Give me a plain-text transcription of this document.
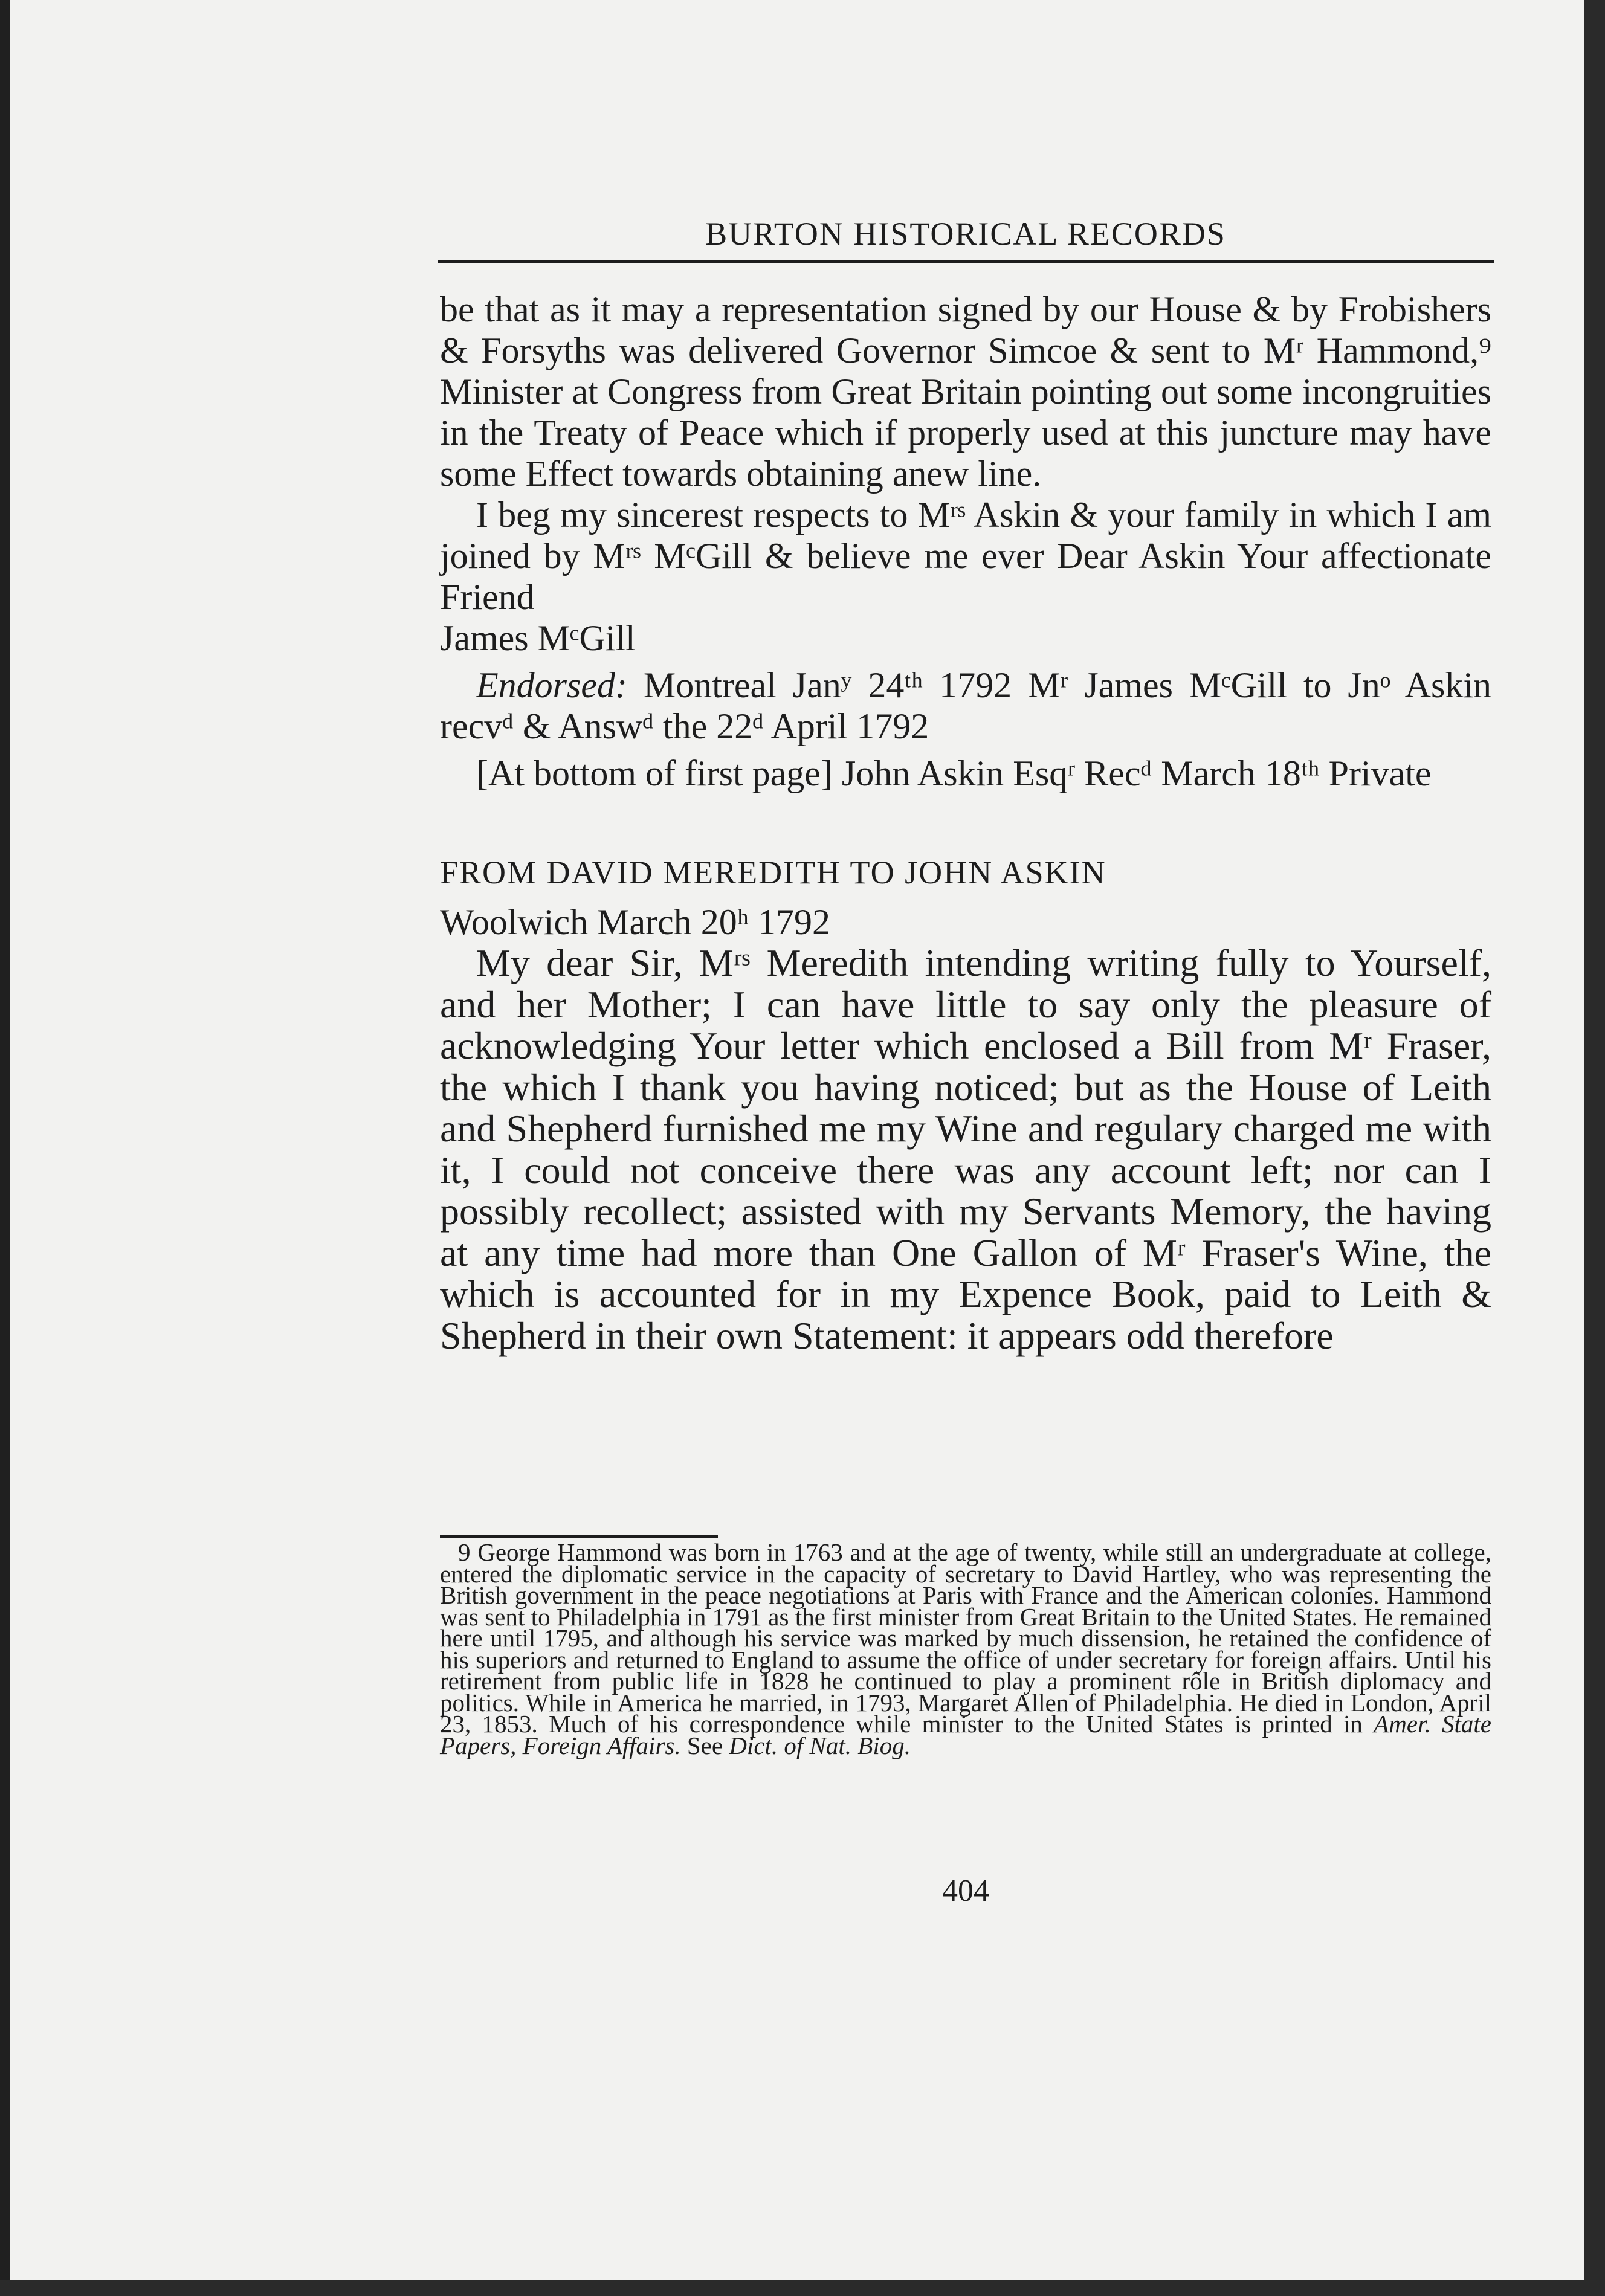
BURTON HISTORICAL RECORDS

be that as it may a representation signed by our House & by Frobishers & Forsyths was delivered Governor Simcoe & sent to Mʳ Hammond,⁹ Minister at Congress from Great Britain pointing out some incongruities in the Treaty of Peace which if properly used at this juncture may have some Effect towards obtaining anew line.

I beg my sincerest respects to Mʳˢ Askin & your family in which I am joined by Mʳˢ MᶜGill & believe me ever Dear Askin Your affectionate Friend

James MᶜGill

Endorsed: Montreal Janʸ 24ᵗʰ 1792 Mʳ James MᶜGill to Jnᵒ Askin recvᵈ & Answᵈ the 22ᵈ April 1792

[At bottom of first page] John Askin Esqʳ Recᵈ March 18ᵗʰ Private

FROM DAVID MEREDITH TO JOHN ASKIN

Woolwich March 20ʰ 1792

My dear Sir, Mʳˢ Meredith intending writing fully to Yourself, and her Mother; I can have little to say only the pleasure of acknowledging Your letter which enclosed a Bill from Mʳ Fraser, the which I thank you having noticed; but as the House of Leith and Shepherd furnished me my Wine and regulary charged me with it, I could not conceive there was any account left; nor can I possibly recollect; assisted with my Servants Memory, the having at any time had more than One Gallon of Mʳ Fraser's Wine, the which is accounted for in my Expence Book, paid to Leith & Shepherd in their own Statement: it appears odd therefore

9 George Hammond was born in 1763 and at the age of twenty, while still an undergraduate at college, entered the diplomatic service in the capacity of secretary to David Hartley, who was representing the British government in the peace negotiations at Paris with France and the American colonies. Hammond was sent to Philadelphia in 1791 as the first minister from Great Britain to the United States. He remained here until 1795, and although his service was marked by much dissension, he retained the confidence of his superiors and returned to England to assume the office of under secretary for foreign affairs. Until his retirement from public life in 1828 he continued to play a prominent rôle in British diplomacy and politics. While in America he married, in 1793, Margaret Allen of Philadelphia. He died in London, April 23, 1853. Much of his correspondence while minister to the United States is printed in Amer. State Papers, Foreign Affairs. See Dict. of Nat. Biog.

404
